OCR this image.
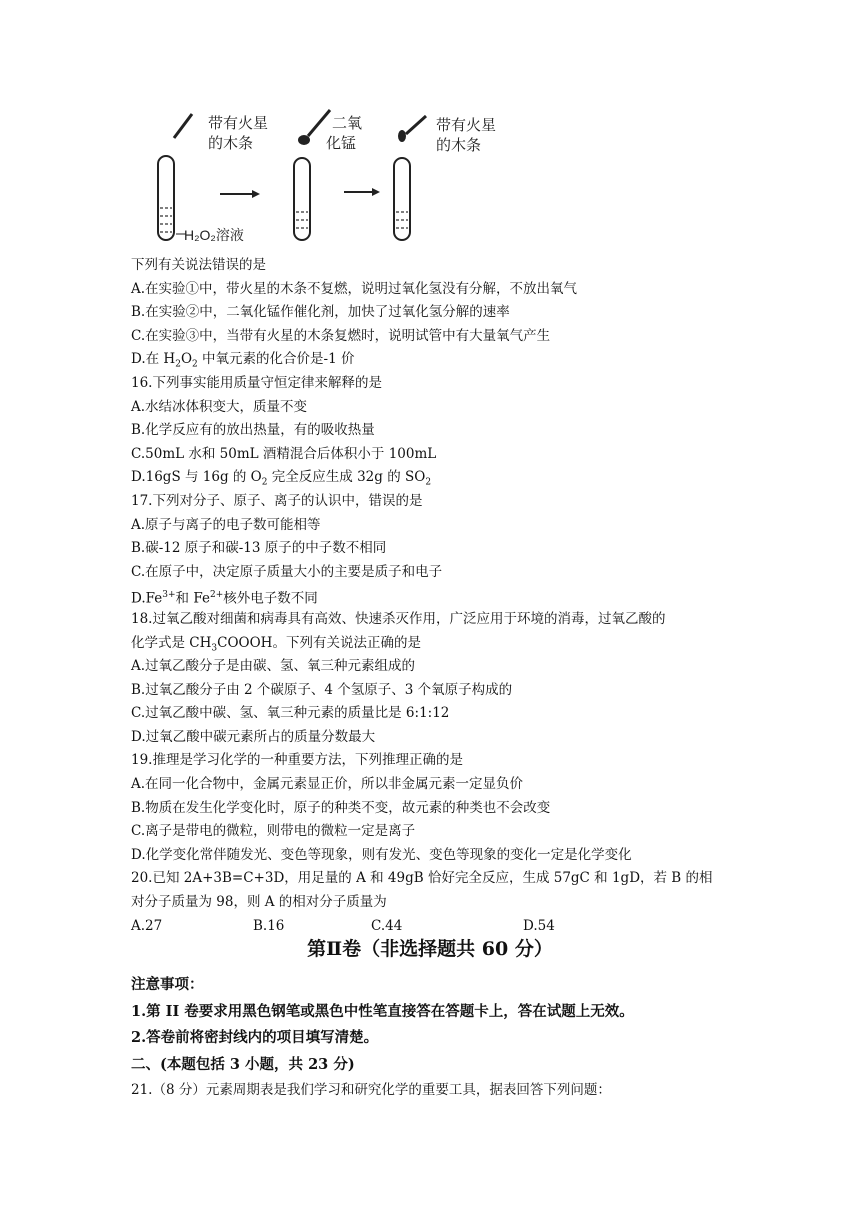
带有火星
的木条
H₂O₂溶液
二氧
化锰
带有火星
的木条
下列有关说法错误的是
A.在实验①中，带火星的木条不复燃，说明过氧化氢没有分解，不放出氧气
B.在实验②中，二氧化锰作催化剂，加快了过氧化氢分解的速率
C.在实验③中，当带有火星的木条复燃时，说明试管中有大量氧气产生
D.在 $H_2O_2$ 中氧元素的化合价是-1 价
16.下列事实能用质量守恒定律来解释的是
A.水结冰体积变大，质量不变
B.化学反应有的放出热量，有的吸收热量
C.50mL 水和 50mL 酒精混合后体积小于 100mL
D.16gS 与 16g 的 $O_2$ 完全反应生成 32g 的 $SO_2$
17.下列对分子、原子、离子的认识中，错误的是
A.原子与离子的电子数可能相等
B.碳-12 原子和碳-13 原子的中子数不相同
C.在原子中，决定原子质量大小的主要是质子和电子
$D.Fe^{3+}$和 $Fe^{2+}$核外电子数不同
18.过氧乙酸对细菌和病毒具有高效、快速杀灭作用，广泛应用于环境的消毒，过氧乙酸的
化学式是 $CH_3COOOH$。下列有关说法正确的是
A.过氧乙酸分子是由碳、氢、氧三种元素组成的
B.过氧乙酸分子由 2 个碳原子、4 个氢原子、3 个氧原子构成的
C.过氧乙酸中碳、氢、氧三种元素的质量比是 6:1:12
D.过氧乙酸中碳元素所占的质量分数最大
19.推理是学习化学的一种重要方法，下列推理正确的是
A.在同一化合物中，金属元素显正价，所以非金属元素一定显负价
B.物质在发生化学变化时，原子的种类不变，故元素的种类也不会改变
C.离子是带电的微粒，则带电的微粒一定是离子
D.化学变化常伴随发光、变色等现象，则有发光、变色等现象的变化一定是化学变化
20.已知 2A+3B=C+3D，用足量的 A 和 49gB 恰好完全反应，生成 57gC 和 1gD，若 B 的相
对分子质量为 98，则 A 的相对分子质量为
A.27	B.16	C.44	D.54
第Ⅱ卷（非选择题共 60 分）
注意事项：
1.第 II 卷要求用黑色钢笔或黑色中性笔直接答在答题卡上，答在试题上无效。
2.答卷前将密封线内的项目填写清楚。
二、(本题包括 3 小题，共 23 分)
21.（8 分）元素周期表是我们学习和研究化学的重要工具，据表回答下列问题：
